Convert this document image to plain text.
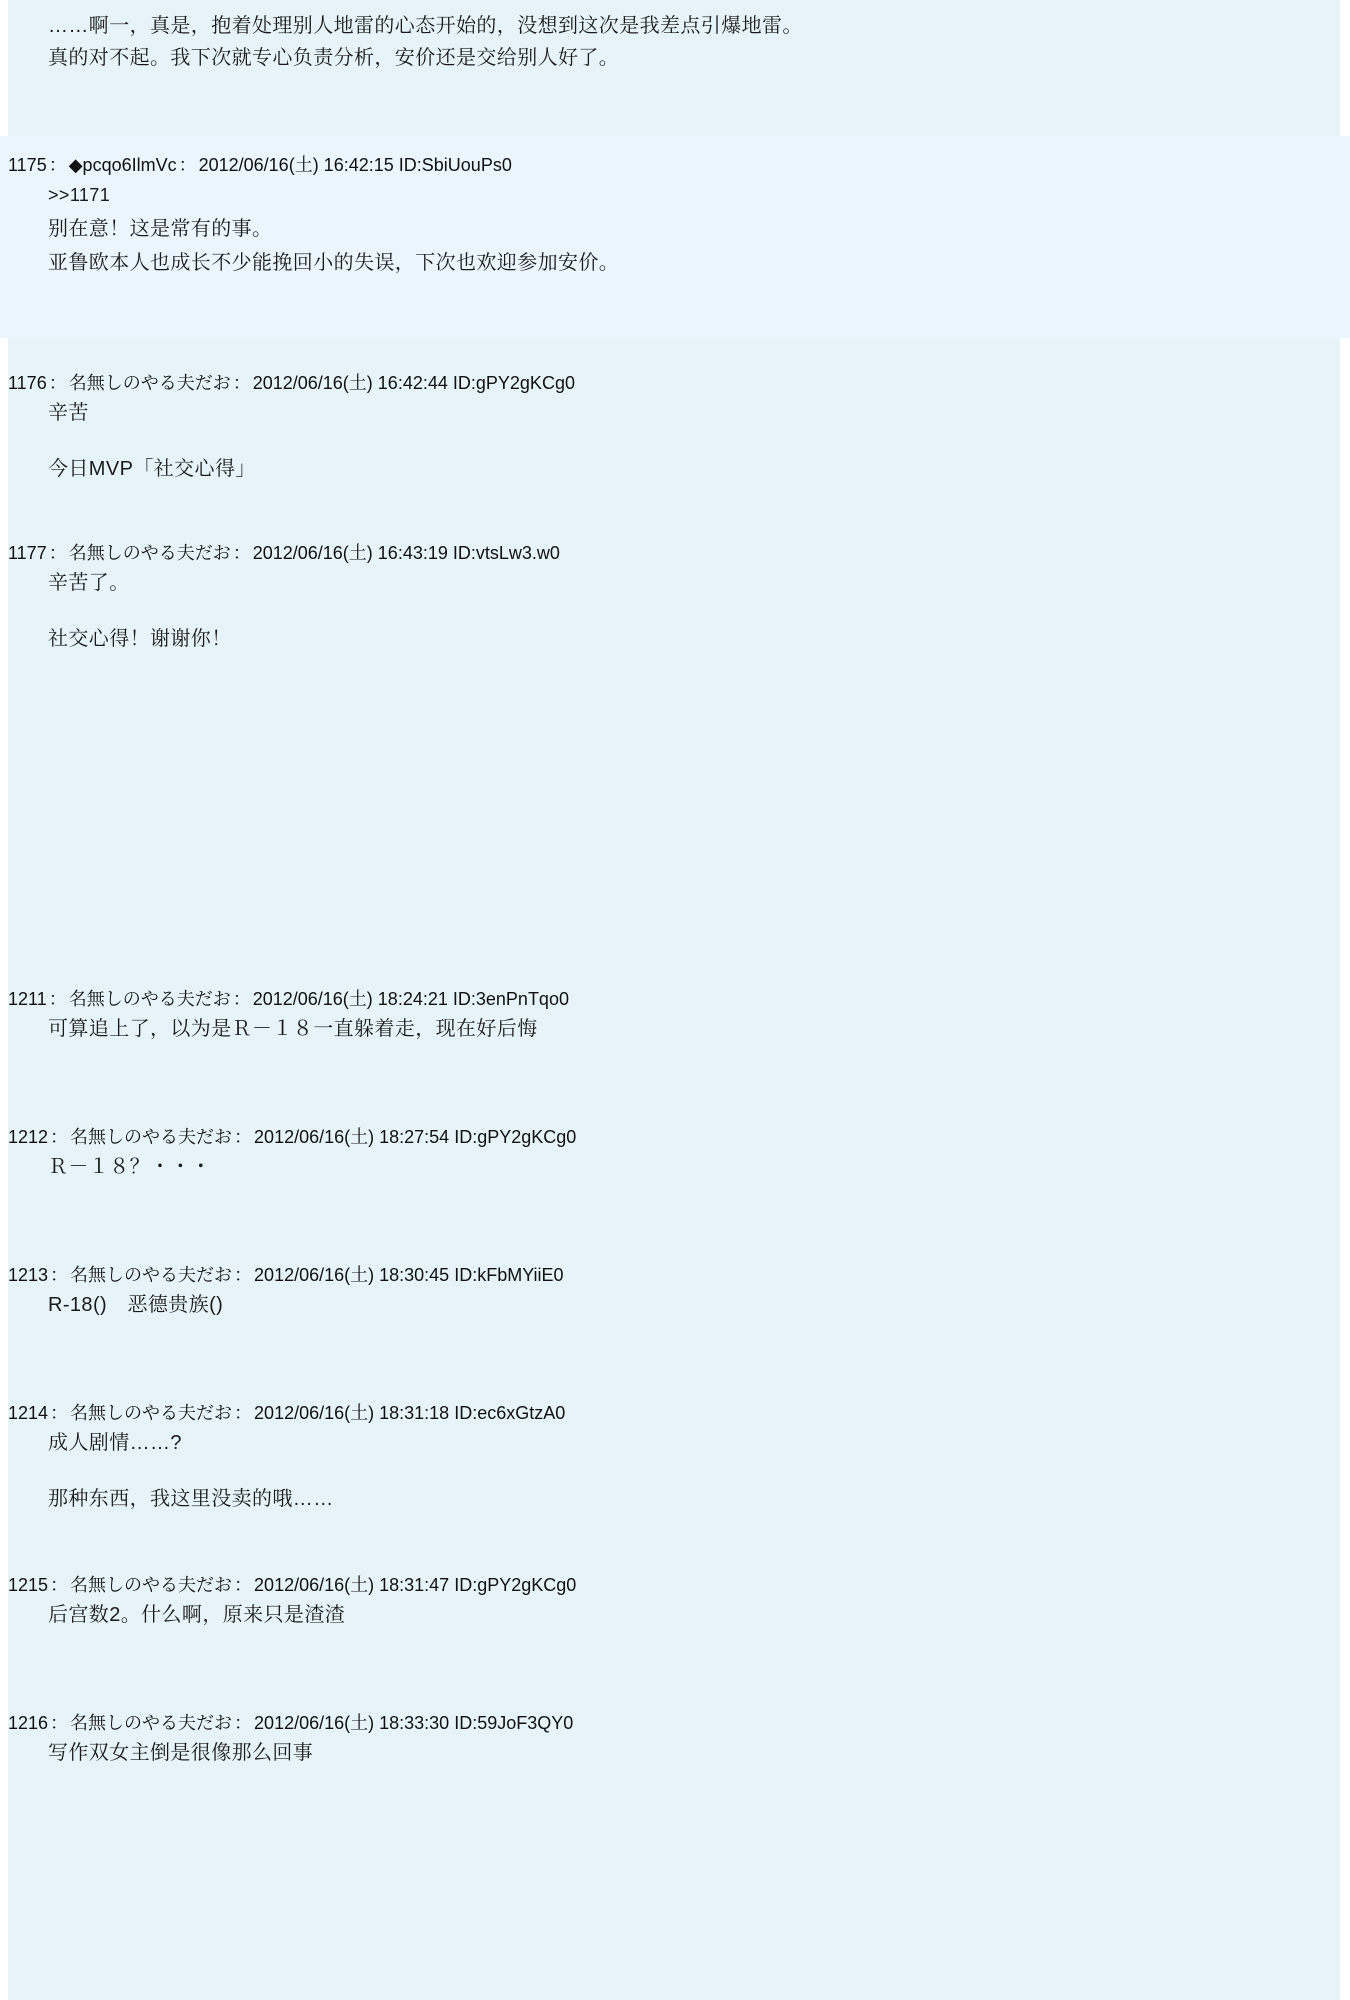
……啊一，真是，抱着处理别人地雷的心态开始的，没想到这次是我差点引爆地雷。
真的对不起。我下次就专心负责分析，安价还是交给别人好了。
1175 ： ◆pcqo6IlmVc ： 2012/06/16(土) 16:42:15 ID:SbiUouPs0
>>1171
别在意！这是常有的事。
亚鲁欧本人也成长不少能挽回小的失误，下次也欢迎参加安价。
1176 ： 名無しのやる夫だお ： 2012/06/16(土) 16:42:44 ID:gPY2gKCg0
辛苦
今日MVP「社交心得」
1177 ： 名無しのやる夫だお ： 2012/06/16(土) 16:43:19 ID:vtsLw3.w0
辛苦了。
社交心得！谢谢你！
1211 ： 名無しのやる夫だお ： 2012/06/16(土) 18:24:21 ID:3enPnTqo0
可算追上了，以为是Ｒ－１８一直躲着走，现在好后悔
1212 ： 名無しのやる夫だお ： 2012/06/16(土) 18:27:54 ID:gPY2gKCg0
Ｒ－１８？・・・
1213 ： 名無しのやる夫だお ： 2012/06/16(土) 18:30:45 ID:kFbMYiiE0
R-18()　恶德贵族()
1214 ： 名無しのやる夫だお ： 2012/06/16(土) 18:31:18 ID:ec6xGtzA0
成人剧情……?
那种东西，我这里没卖的哦……
1215 ： 名無しのやる夫だお ： 2012/06/16(土) 18:31:47 ID:gPY2gKCg0
后宫数2。什么啊，原来只是渣渣
1216 ： 名無しのやる夫だお ： 2012/06/16(土) 18:33:30 ID:59JoF3QY0
写作双女主倒是很像那么回事
